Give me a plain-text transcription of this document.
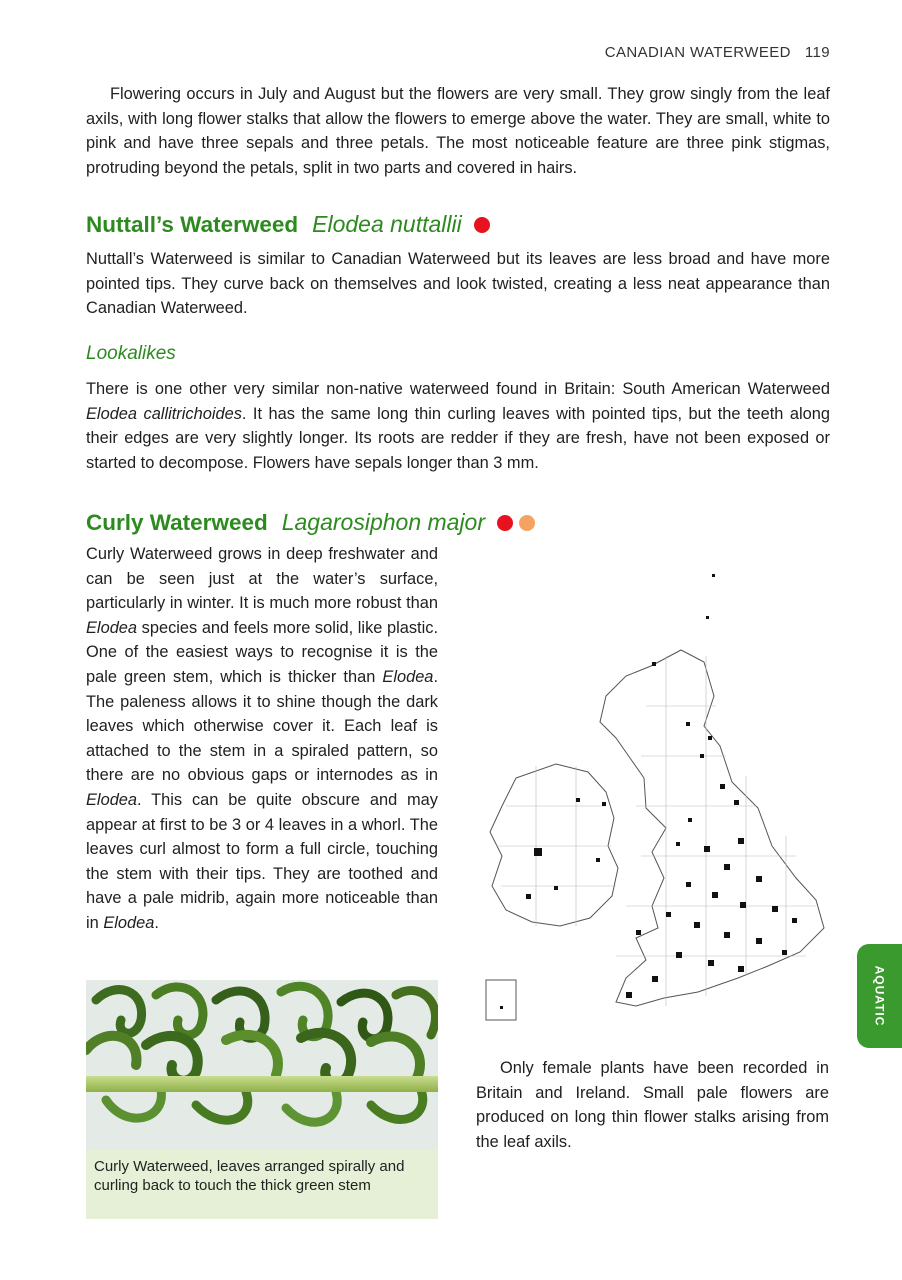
CANADIAN WATERWEED 119

Flowering occurs in July and August but the flowers are very small. They grow singly from the leaf axils, with long flower stalks that allow the flowers to emerge above the water. They are small, white to pink and have three sepals and three petals. The most noticeable feature are three pink stigmas, protruding beyond the petals, split in two parts and covered in hairs.

Nuttall’s Waterweed Elodea nuttallii

Nuttall’s Waterweed is similar to Canadian Waterweed but its leaves are less broad and have more pointed tips. They curve back on themselves and look twisted, creating a less neat appearance than Canadian Waterweed.

Lookalikes

There is one other very similar non-native waterweed found in Britain: South American Waterweed Elodea callitrichoides. It has the same long thin curling leaves with pointed tips, but the teeth along their edges are very slightly longer. Its roots are redder if they are fresh, have not been exposed or started to decompose. Flowers have sepals longer than 3 mm.

Curly Waterweed Lagarosiphon major

Curly Waterweed grows in deep freshwater and can be seen just at the water’s surface, particularly in winter. It is much more robust than Elodea species and feels more solid, like plastic. One of the easiest ways to recognise it is the pale green stem, which is thicker than Elodea. The paleness allows it to shine though the dark leaves which otherwise cover it. Each leaf is attached to the stem in a spiraled pattern, so there are no obvious gaps or internodes as in Elodea. This can be quite obscure and may appear at first to be 3 or 4 leaves in a whorl. The leaves curl almost to form a full circle, touching the stem with their tips. They are toothed and have a pale midrib, again more noticeable than in Elodea.

Curly Waterweed, leaves arranged spirally and curling back to touch the thick green stem

Only female plants have been recorded in Britain and Ireland. Small pale flowers are produced on long thin flower stalks arising from the leaf axils.

AQUATIC
